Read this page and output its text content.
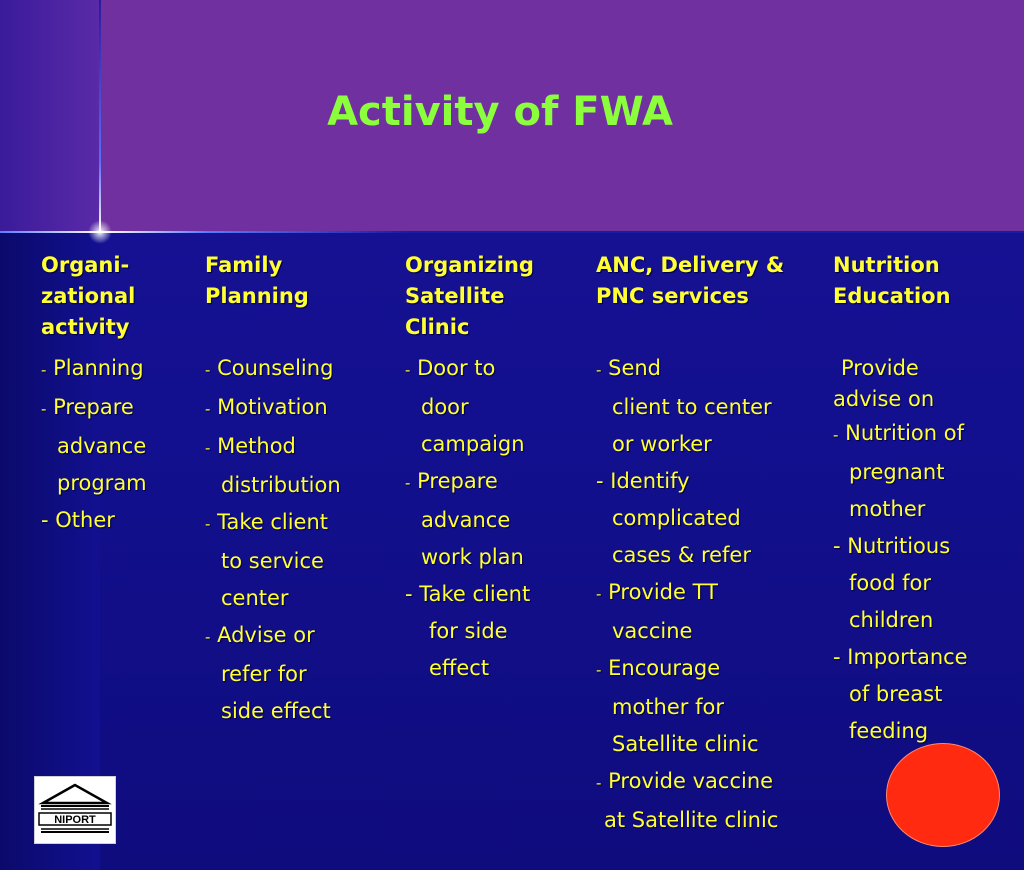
Activity of FWA
Organi-
zational
activity
- Planning
- Prepare
advance
program
- Other
Family
Planning
- Counseling
- Motivation
- Method
distribution
- Take client
to service
center
- Advise or
refer for
side effect
Organizing
Satellite
Clinic
- Door to
door
campaign
- Prepare
advance
work plan
- Take client
for side
effect
ANC, Delivery &
PNC services
- Send
client to center
or worker
- Identify
complicated
cases & refer
- Provide TT
vaccine
- Encourage
mother for
Satellite clinic
- Provide vaccine
at Satellite clinic
Nutrition
Education
Provide
advise on
- Nutrition of
pregnant
mother
- Nutritious
food for
children
- Importance
of breast
feeding
NIPORT
